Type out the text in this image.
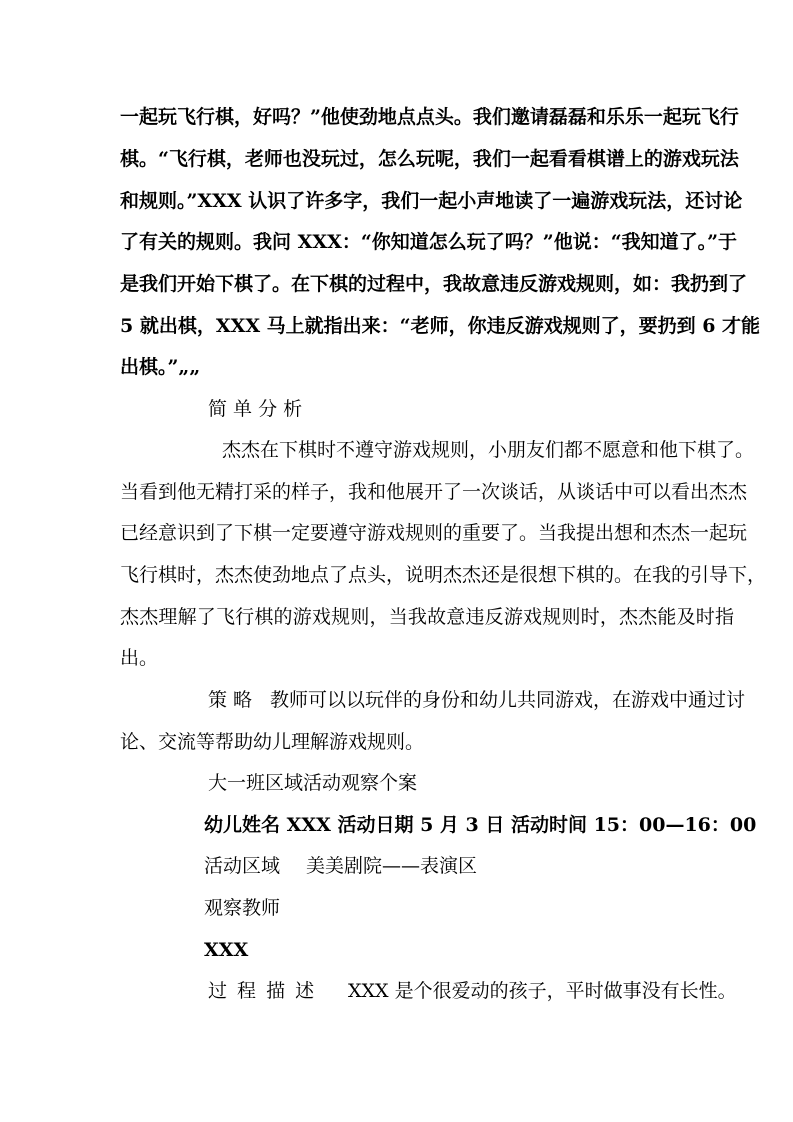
一起玩飞行棋，好吗？”他使劲地点点头。我们邀请磊磊和乐乐一起玩飞行
棋。“飞行棋，老师也没玩过，怎么玩呢，我们一起看看棋谱上的游戏玩法
和规则。”XXX 认识了许多字，我们一起小声地读了一遍游戏玩法，还讨论
了有关的规则。我问 XXX：“你知道怎么玩了吗？”他说：“我知道了。”于
是我们开始下棋了。在下棋的过程中，我故意违反游戏规则，如：我扔到了
5 就出棋，XXX 马上就指出来：“老师，你违反游戏规则了，要扔到 6 才能
出棋。”„„
简 单 分 析
杰杰在下棋时不遵守游戏规则，小朋友们都不愿意和他下棋了。
当看到他无精打采的样子，我和他展开了一次谈话，从谈话中可以看出杰杰
已经意识到了下棋一定要遵守游戏规则的重要了。当我提出想和杰杰一起玩
飞行棋时，杰杰使劲地点了点头，说明杰杰还是很想下棋的。在我的引导下，
杰杰理解了飞行棋的游戏规则，当我故意违反游戏规则时，杰杰能及时指
出。
策 略 教师可以以玩伴的身份和幼儿共同游戏，在游戏中通过讨
论、交流等帮助幼儿理解游戏规则。
大一班区域活动观察个案
幼儿姓名 XXX 活动日期 5 月 3 日 活动时间 15：00—16：00
活动区域 美美剧院——表演区
观察教师
XXX
过 程 描 述 XXX 是个很爱动的孩子，平时做事没有长性。
